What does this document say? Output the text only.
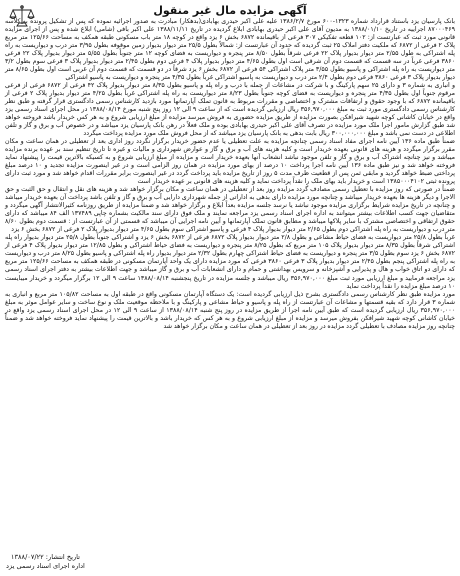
آگهی مزایده مال غیر منقول

بانک پارسیان یزد باستناد قرارداد شماره ۱۳۲۳-۶۰۰ مورخ ۱۳۸۶/۲/۷ علیه علی اکبر حیدری بهابادی(بدهکار) مبادرت به صدور اجرائیه نموده که پس از تشکیل پرونده به کلاسه ۸۷۰۰۰۴۶۹ اجراییه در تاریخ ۱۳۸۸/۰۱/۱۰ به مدیون آقای علی اکبر حیدری بهابادی ابلاغ گردیده در تاریخ ۱۳۸۸/۱۱/۱۱ علی اکبر بافی (شامی) ابلاغ شده و پس از اجرای مزایده قانونی مورد ثبت که عبارتست از: ۱۰۲ قطعه تفکیکی ۳۰۷ فرعی از باقیمانده ۶۸۷۲ بخش ۶ یزد واقع در کوچه ۱۸ متر باب مسکونی طبقه همکف به مساحت ۱۲۵/۶۶ متر مربع پلاک ۲ فرعی از ۶۸۷۲ که ملکیت دفتر املاک ۲۵ ثبت گردیده که حدود آن عبارتست از: شمالاً بطول ۲۵/۵ متر دیوار بدیوار زمین موقوفه بطول ۳/۹۵ متر درب و دیواریست به راه پله اشتراکی به طول ۲/۵۵ متر دیوار بدیوار پلاک ۲۲ فرعی شرقاً بطول ۸/۵۰ متر پنجره و دیواریست به فضای کوچه ۱۲ متر جنوباً بطول ۵/۵۵ متر دیوار بدیوار پلاک ۲۲ فرعی ۳۸۶۰ فرعی غرباً در سه قسمت که قسمت دوم آن شرقی است اول بطول ۴/۶۵ متر دیوار بدیوار پلاک ۴ فرعی دوم بطول ۲/۴۵ متر دیوار بدیوار پلاک ۳ فرعی سوم بطول ۳/۲ متر دیواریست به راه پله اشتراکی و پاسیو بطول ۳/۵۵ متر پلاک اشتراکی ۵۴ فرعی از ۶۸۷۲ بخش ۶ یزد شرقاً در دو قسمت که قسمت دوم آن غربی است اول بطول ۸/۶۵ متر دیوار بدیوار پلاک ۳ فرعی ۳۸۶۰ فرعی دوم بطول ۲/۴ متر درب و دیواریست به پاسیو اشتراکی غرباً بطول ۴/۳۵ متر پنجره و دیواریست به پاسیو اشتراکی

و انباری به شماره ۳ و دارای ۲۵ سهم پارکینگ و با شرکت در مشاعات از جمله با درب و راه پله و پاسیو بطول ۸/۳۵ متر دیوار بدیوار پلاک ۴۲ فرعی از ۶۸۷۲ فرعی از فرعی مرقوم جنوباً اول بطول ۴/۳۵ متر پنجره و دیواریست به فضای کوچه جنوباً بطول ۸/۲۳ متر دیواریست به راه پله اشتراکی غرباً بطول ۴/۲۵ متر دیوار بدیوار پلاک ۲ فرعی از باقیمانده ۶۸۷۲ که با وجود حقوق و ارتفاقات مشترک و اختصاصی و مقررات مربوط به قانون تملک آپارتمانها مورد بازدید کارشناس رسمی دادگستری قرار گرفته و طبق نظر کارشناس رسمی دادگستری مورد ثبت به مبلغ ۳۵۶,۹۷۰,۰۰۰ ریال ارزیابی گردیده است که از ساعت ۹ الی ۱۲ روز پنج شنبه مورخ ۱۳۸۸/۰۸/۱۴ در محل اجرای اسناد رسمی یزد واقع در خیابان کاشانی کوچه شهید شیرافکن بصورت مزایده از طریق مزایده حضوری به فروش میرسد مزایده از مبلغ ارزیابی شروع و به هر کس خریدار باشد فروخته خواهد شد طبق گزارش مامور اجرا ملک مورد مزایده در تصرف آقای علی اکبر حیدری بهابادی بوده و ملک فعلاً در رهن بانک پارسیان یزد میباشد و در خصوص آب و برق و گاز و تلفن اطلاعی در دست نمی باشد و مبلغ ۳۰۰,۰۰۰,۰۰۰ ریال بابت بدهی به بانک پارسیان یزد میباشد که از محل فروش ملک مورد مزایده پرداخت میگردد

ضمناً طبق ماده ۱۳۶ آیین نامه اجرای مفاد اسناد رسمی چنانچه مزایده به علت تعطیلی یا عدم حضور خریدار برگزار نگردد روز اداری بعد از تعطیلی در همان ساعت و مکان مقرر برگزار میگردد و هزینه های قانونی بعهده خریدار است و کلیه هزینه های آب و برق و گاز و عوارض شهرداری و مالیات و غیره تا تاریخ تنظیم سند بر عهده برنده مزایده میباشد و نیز چنانچه اشتراک آب و برق و گاز و تلفن موجود نباشد انشعاب آنها بعهده خریدار است و مزایده از مبلغ ارزیابی شروع و به کسیکه بالاترین قیمت را پیشنهاد نماید فروخته خواهد شد و نیز طبق ماده ۱۳۶ آیین نامه اجرا پرداخت ۱۰ درصد از بهای مورد مزایده در همان روز الزامی است و در غیر اینصورت مزایده تجدید و ۱۰ درصد مبلغ پرداختی ضبط خواهد گردید و مابقی ثمن پس از قطعیت ظرف مدت ۵ روز از تاریخ مزایده باید پرداخت گردد در غیر اینصورت برابر مقررات اقدام خواهد شد و مورد ثبت دارای پرونده ثبتی ۱۳۸۵۰۰۰۴۱۰۲ است و خریدار باید بهای ملک را نقداً پرداخت نماید و کلیه هزینه های قانونی بر عهده خریدار است

ضمناً در صورتی که روز مزایده با تعطیل رسمی مصادف گردد مزایده روز بعد از تعطیلی در همان ساعت و مکان برگزار خواهد شد و هزینه های نقل و انتقال و حق الثبت و حق الاجرا و دیگر هزینه ها بعهده خریدار میباشد و چنانچه مورد مزایده دارای بدهی به اداراتی از جمله شهرداری دارایی آب و برق و گاز و تلفن باشد پرداخت آن بعهده خریدار میباشد و چنانچه در تاریخ مزایده شرایط برگزاری مزایده موجود نباشد یا نرسد جلسه مزایده بعداً ابلاغ و برگزار خواهد شد و ضمناً مزایده از طریق روزنامه کثیرالانتشار آگهی میگردد و متقاضیان جهت کسب اطلاعات بیشتر میتوانند به اداره اجرای اسناد رسمی یزد مراجعه نمایند و ملک فوق دارای سند مالکیت بشماره چاپی ۱۳۷۴۸۹ الف ۸۴ میباشد که دارای حقوق ارتفاقی و اختصاصی مشترک با سایر پلاکها میباشد و مطابق قانون تملک آپارتمانها و آیین نامه اجرایی آن میباشد که قسمتی از آن عبارتست از : قسمت دوم بطول ۸/۶۰ متر درب و دیواریست به راه پله اشتراکی دوم بطول ۲/۶۵ متر دیوار بدیوار پلاک ۴ فرعی و پاسیو اشتراکی سوم بطول ۴/۶۵ متر دیوار بدیوار پلاک ۲ فرعی از ۶۸۷۲ بخش ۶ یزد

غرباً بطول ۲۵/۸ متر دیواریست به فضای حیاط مشاعی و بطول ۲/۸ متر دیوار بدیوار پلاک ۶۸۷۲ فرعی از ۶۸۷۲ بخش ۶ یزد و اشتراکی جنوباً بطول ۲۵/۸ متر دیوار بدیوار راه پله اشتراکی شرقاً بطول ۸/۳۵ متر دیوار بدیوار پلاک ۱۰۵ متر مربع که بطول ۸/۲۵ متر پنجره و دیواریست به فضای حیاط اشتراکی و بطول ۱۲/۸۵ متر دیوار بدیوار پلاک ۴ فرعی از ۶۸۷۲ بخش ۶ یزد سوم بطول ۳/۵ متر پنجره و دیواریست به فضای حیاط اشتراکی چهارم بطول ۲/۳۲ متر دیوار بدیوار راه پله اشتراکی و پاسیو بطول ۸/۲۵ متر درب و دیواریست به راه پله اشتراکی پنجم بطول ۲/۴۵ متر دیوار بدیوار پلاک ۳ فرعی ۳۸۶۰ فرعی که مورد مزایده دارای یک واحد آپارتمان مسکونی در طبقه همکف به مساحت ۱۲۵/۶۶ متر مربع که دارای دو اتاق خواب و هال و پذیرایی و آشپزخانه و سرویس بهداشتی و حمام و دارای انشعابات آب و برق و گاز میباشد و جهت اطلاعات بیشتر به دفتر اجرای اسناد رسمی یزد مراجعه فرمایید و مبلغ ارزیابی مورد ثبت مبلغ ۳۵۶,۹۷۰,۰۰۰ ریال میباشد و جلسه مزایده در تاریخ پنجشنبه ۱۳۸۸/۰۸/۱۴ ساعت ۹ الی ۱۲ برگزار میگردد و خریدار میبایست ۱۰ درصد مبلغ مزایده را نقداً پرداخت نماید

مورد مزایده طبق نظر کارشناس رسمی دادگستری بشرح ذیل ارزیابی گردیده است: یک دستگاه آپارتمان مسکونی واقع در طبقه اول به مساحت ۱۰۵/۸۲ متر مربع و انباری به شماره ۳ قرار دارد که بقیه قسمتها و مشاعات آن عبارتست از راه پله و پاسیو و حیاط مشاعی و پارکینگ و با ملاحظه موقعیت ملک و نوع ساخت و سایر عوامل موثر به مبلغ ۳۵۶,۹۷۰,۰۰۰ ریال ارزیابی گردیده است که طبق آیین نامه اجرا از طریق مزایده در روز پنج شنبه ۱۳۸۸/۰۸/۱۴ از ساعت ۹ الی ۱۲ در محل اجرای اسناد رسمی یزد واقع در خیابان کاشانی کوچه شهید شیرافکن بفروش میرسد و مزایده از مبلغ ارزیابی شروع و به هر کس که خریدار باشد و بالاترین قیمت را پیشنهاد نماید فروخته خواهد شد و ضمناً چنانچه روز مزایده مصادف با تعطیلی گردد مزایده در روز بعد از تعطیلی در همان ساعت و مکان برگزار خواهد شد

تاریخ انتشار: ۱۳۸۸/۰۷/۲۲
اداره اجرای اسناد رسمی یزد
